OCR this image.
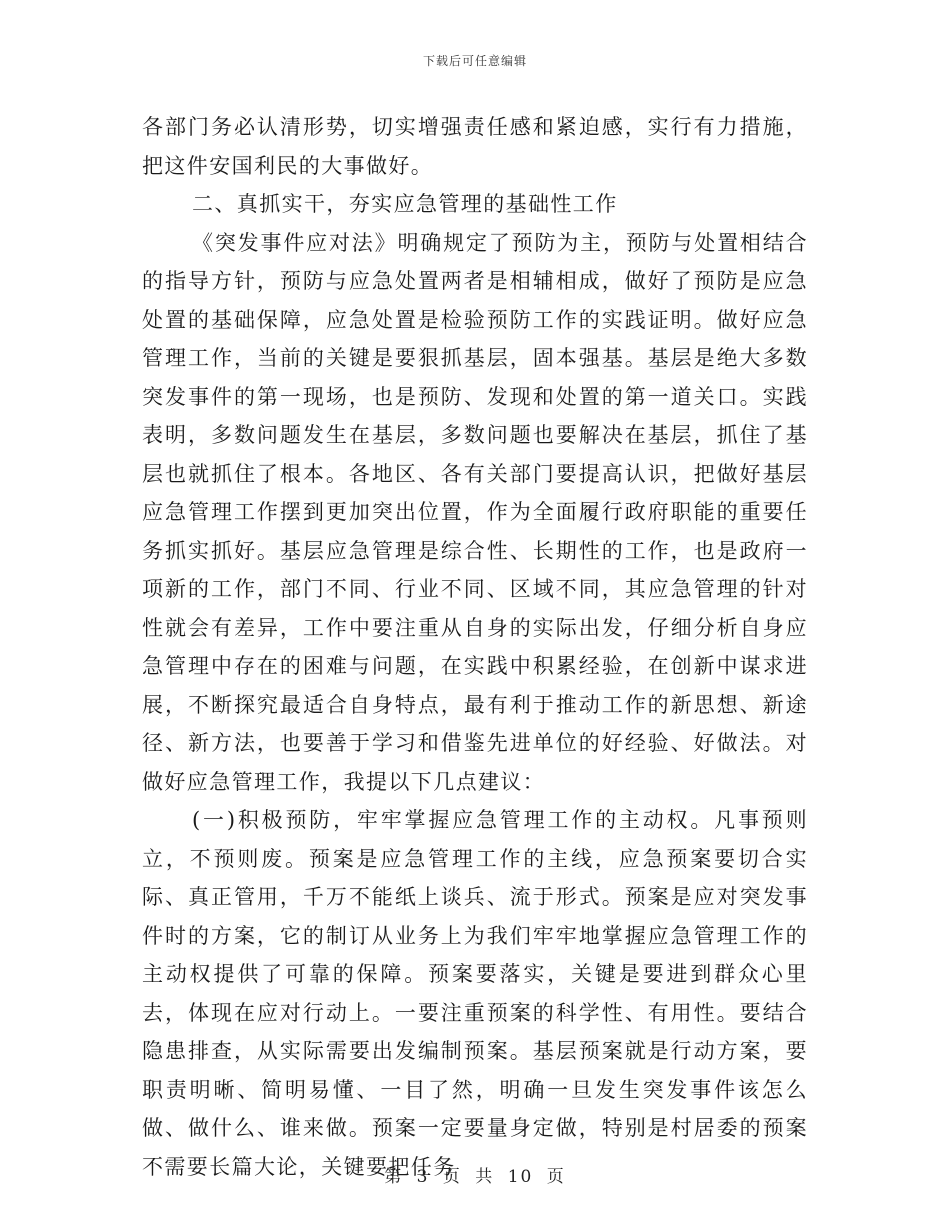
下载后可任意编辑

各部门务必认清形势，切实增强责任感和紧迫感，实行有力措施，把这件安国利民的大事做好。

二、真抓实干，夯实应急管理的基础性工作

《突发事件应对法》明确规定了预防为主，预防与处置相结合的指导方针，预防与应急处置两者是相辅相成，做好了预防是应急处置的基础保障，应急处置是检验预防工作的实践证明。做好应急管理工作，当前的关键是要狠抓基层，固本强基。基层是绝大多数突发事件的第一现场，也是预防、发现和处置的第一道关口。实践表明，多数问题发生在基层，多数问题也要解决在基层，抓住了基层也就抓住了根本。各地区、各有关部门要提高认识，把做好基层应急管理工作摆到更加突出位置，作为全面履行政府职能的重要任务抓实抓好。基层应急管理是综合性、长期性的工作，也是政府一项新的工作，部门不同、行业不同、区域不同，其应急管理的针对性就会有差异，工作中要注重从自身的实际出发，仔细分析自身应急管理中存在的困难与问题，在实践中积累经验，在创新中谋求进展，不断探究最适合自身特点，最有利于推动工作的新思想、新途径、新方法，也要善于学习和借鉴先进单位的好经验、好做法。对做好应急管理工作，我提以下几点建议：

(一)积极预防，牢牢掌握应急管理工作的主动权。凡事预则立，不预则废。预案是应急管理工作的主线，应急预案要切合实际、真正管用，千万不能纸上谈兵、流于形式。预案是应对突发事件时的方案，它的制订从业务上为我们牢牢地掌握应急管理工作的主动权提供了可靠的保障。预案要落实，关键是要进到群众心里去，体现在应对行动上。一要注重预案的科学性、有用性。要结合隐患排查，从实际需要出发编制预案。基层预案就是行动方案，要职责明晰、简明易懂、一目了然，明确一旦发生突发事件该怎么做、做什么、谁来做。预案一定要量身定做，特别是村居委的预案不需要长篇大论，关键要把任务

第 3 页 共 10 页
